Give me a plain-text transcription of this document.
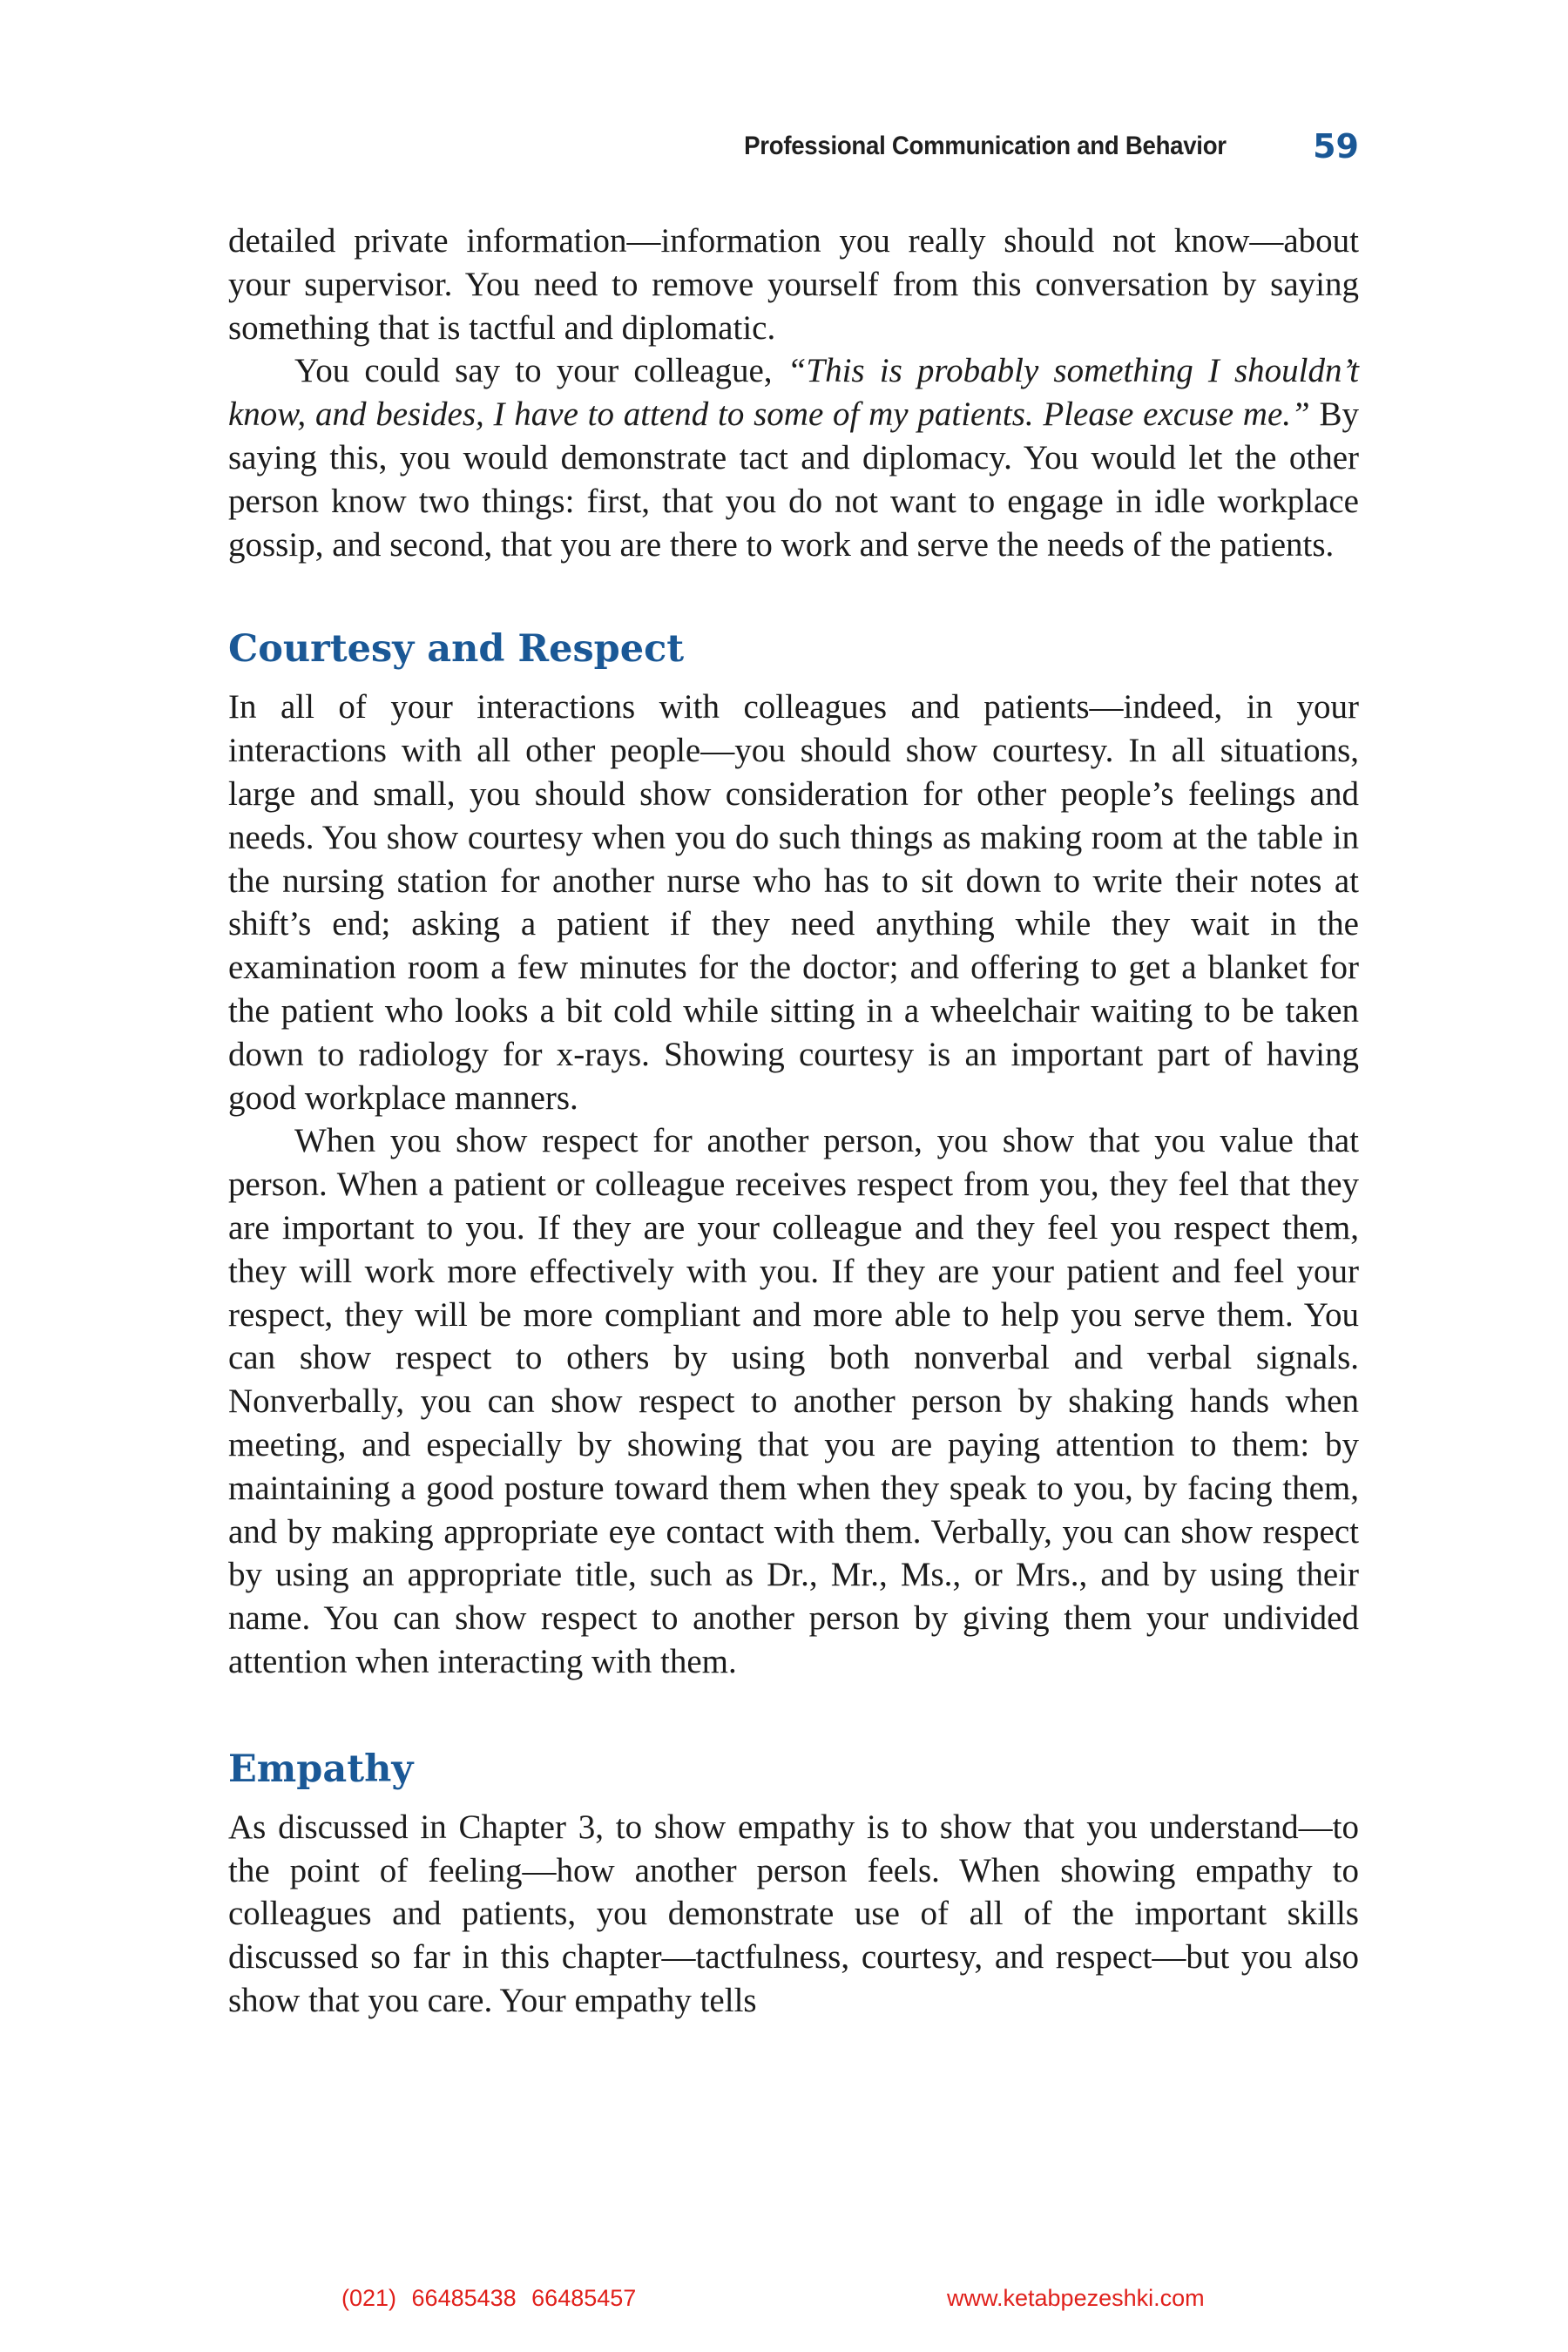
Professional Communication and Behavior	59

detailed private information—information you really should not know—about your supervisor. You need to remove yourself from this conversation by saying something that is tactful and diplomatic.

You could say to your colleague, “This is probably something I shouldn’t know, and besides, I have to attend to some of my patients. Please excuse me.” By saying this, you would demonstrate tact and diplomacy. You would let the other person know two things: first, that you do not want to engage in idle workplace gossip, and second, that you are there to work and serve the needs of the patients.

Courtesy and Respect

In all of your interactions with colleagues and patients—indeed, in your interactions with all other people—you should show courtesy. In all situations, large and small, you should show consideration for other people’s feelings and needs. You show courtesy when you do such things as making room at the table in the nursing station for another nurse who has to sit down to write their notes at shift’s end; asking a patient if they need anything while they wait in the examination room a few minutes for the doctor; and offering to get a blanket for the patient who looks a bit cold while sitting in a wheelchair waiting to be taken down to radiology for x-rays. Showing courtesy is an important part of having good workplace manners.

When you show respect for another person, you show that you value that person. When a patient or colleague receives respect from you, they feel that they are important to you. If they are your colleague and they feel you respect them, they will work more effectively with you. If they are your patient and feel your respect, they will be more compliant and more able to help you serve them. You can show respect to others by using both nonverbal and verbal signals. Nonverbally, you can show respect to another person by shaking hands when meeting, and especially by showing that you are paying attention to them: by maintaining a good posture toward them when they speak to you, by facing them, and by making appropriate eye contact with them. Verbally, you can show respect by using an appropriate title, such as Dr., Mr., Ms., or Mrs., and by using their name. You can show respect to another person by giving them your undivided attention when interacting with them.

Empathy

As discussed in Chapter 3, to show empathy is to show that you understand—to the point of feeling—how another person feels. When showing empathy to colleagues and patients, you demonstrate use of all of the important skills discussed so far in this chapter—tactfulness, courtesy, and respect—but you also show that you care. Your empathy tells

(021) 66485438 66485457	www.ketabpezeshki.com
